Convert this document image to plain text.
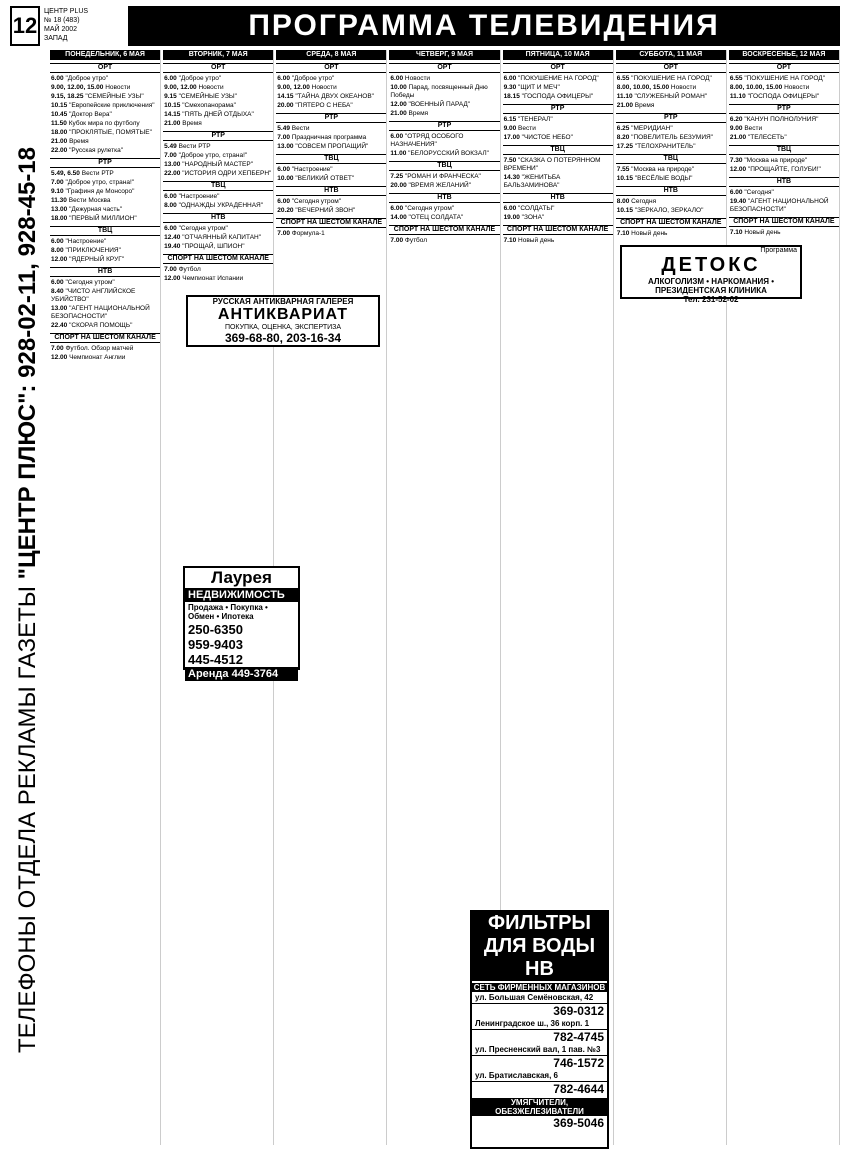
12
ЦЕНТР PLUS
№ 18 (483)
МАЙ 2002
ЗАПАД	ПРОГРАММА ТЕЛЕВИДЕНИЯ
ТЕЛЕФОНЫ ОТДЕЛА РЕКЛАМЫ ГАЗЕТЫ "ЦЕНТР ПЛЮС": 928-02-11, 928-45-18
ПОНЕДЕЛЬНИК, 6 МАЯ
ОРТ
6.00 "Доброе утро"
9.00, 12.00, 15.00 Новости
9.15, 18.25 "СЕМЕЙНЫЕ УЗЫ"
10.15 "Европейские приключения"
10.45 "Доктор Вера"
11.50 Кубок мира по футболу
18.00 "ПРОКЛЯТЫЕ, ПОМЯТЫЕ"
21.00 Время
22.00 "Русская рулетка"
РТР
5.49, 6.50 Вести РТР
7.00 "Доброе утро, страна!"
9.10 "Графиня де Монсоро"
11.30 Вести Москва
13.00 "Дежурная часть"
18.00 "ПЕРВЫЙ МИЛЛИОН"
ТВЦ
6.00 "Настроение"
8.00 "ПРИКЛЮЧЕНИЯ"
12.00 "ЯДЕРНЫЙ КРУГ"
НТВ
6.00 "Сегодня утром"
8.40 "ЧИСТО АНГЛИЙСКОЕ УБИЙСТВО"
13.00 "АГЕНТ НАЦИОНАЛЬНОЙ БЕЗОПАСНОСТИ"
22.40 "СКОРАЯ ПОМОЩЬ"
СПОРТ НА ШЕСТОМ КАНАЛЕ
7.00 Футбол. Обзор матчей
12.00 Чемпионат Англии
ВТОРНИК, 7 МАЯ
ОРТ
6.00 "Доброе утро"
9.00, 12.00 Новости
9.15 "СЕМЕЙНЫЕ УЗЫ"
10.15 "Смехопанорама"
14.15 "ПЯТЬ ДНЕЙ ОТДЫХА"
21.00 Время
РТР
5.49 Вести РТР
7.00 "Доброе утро, страна!"
13.00 "НАРОДНЫЙ МАСТЕР"
22.00 "ИСТОРИЯ ОДРИ ХЕПБЕРН"
ТВЦ
6.00 "Настроение"
8.00 "ОДНАЖДЫ УКРАДЕННАЯ"
НТВ
6.00 "Сегодня утром"
12.40 "ОТЧАЯННЫЙ КАПИТАН"
19.40 "ПРОЩАЙ, ШПИОН"
СПОРТ НА ШЕСТОМ КАНАЛЕ
7.00 Футбол
12.00 Чемпионат Испании
СРЕДА, 8 МАЯ
ОРТ
6.00 "Доброе утро"
9.00, 12.00 Новости
14.15 "ТАЙНА ДВУХ ОКЕАНОВ"
20.00 "ПЯТЕРО С НЕБА"
РТР
5.49 Вести
7.00 Праздничная программа
13.00 "СОВСЕМ ПРОПАЩИЙ"
ТВЦ
6.00 "Настроение"
10.00 "ВЕЛИКИЙ ОТВЕТ"
НТВ
6.00 "Сегодня утром"
20.20 "ВЕЧЕРНИЙ ЗВОН"
СПОРТ НА ШЕСТОМ КАНАЛЕ
7.00 Формула-1
ЧЕТВЕРГ, 9 МАЯ
ОРТ
6.00 Новости
10.00 Парад, посвященный Дню Победы
12.00 "ВОЕННЫЙ ПАРАД"
21.00 Время
РТР
6.00 "ОТРЯД ОСОБОГО НАЗНАЧЕНИЯ"
11.00 "БЕЛОРУССКИЙ ВОКЗАЛ"
ТВЦ
7.25 "РОМАН И ФРАНЧЕСКА"
20.00 "ВРЕМЯ ЖЕЛАНИЙ"
НТВ
6.00 "Сегодня утром"
14.00 "ОТЕЦ СОЛДАТА"
СПОРТ НА ШЕСТОМ КАНАЛЕ
7.00 Футбол
ПЯТНИЦА, 10 МАЯ
ОРТ
6.00 "ПОКУШЕНИЕ НА ГОРОД"
9.30 "ЩИТ И МЕЧ"
18.15 "ГОСПОДА ОФИЦЕРЫ"
РТР
6.15 "ТЕНЕРАЛ"
9.00 Вести
17.00 "ЧИСТОЕ НЕБО"
ТВЦ
7.50 "СКАЗКА О ПОТЕРЯННОМ ВРЕМЕНИ"
14.30 "ЖЕНИТЬБА БАЛЬЗАМИНОВА"
НТВ
6.00 "СОЛДАТЫ"
19.00 "ЗОНА"
СПОРТ НА ШЕСТОМ КАНАЛЕ
7.10 Новый день
СУББОТА, 11 МАЯ
ОРТ
6.55 "ПОКУШЕНИЕ НА ГОРОД"
8.00, 10.00, 15.00 Новости
11.10 "СЛУЖЕБНЫЙ РОМАН"
21.00 Время
РТР
6.25 "МЕРИДИАН"
8.20 "ПОВЕЛИТЕЛЬ БЕЗУМИЯ"
17.25 "ТЕЛОХРАНИТЕЛЬ"
ТВЦ
7.55 "Москва на природе"
10.15 "ВЕСЁЛЫЕ ВОДЫ"
НТВ
8.00 Сегодня
10.15 "ЗЕРКАЛО, ЗЕРКАЛО"
СПОРТ НА ШЕСТОМ КАНАЛЕ
7.10 Новый день
ВОСКРЕСЕНЬЕ, 12 МАЯ
ОРТ
6.55 "ПОКУШЕНИЕ НА ГОРОД"
8.00, 10.00, 15.00 Новости
11.10 "ГОСПОДА ОФИЦЕРЫ"
РТР
6.20 "КАНУН ПОЛНОЛУНИЯ"
9.00 Вести
21.00 "ТЕЛЕСЕТЬ"
ТВЦ
7.30 "Москва на природе"
12.00 "ПРОЩАЙТЕ, ГОЛУБИ!"
НТВ
6.00 "Сегодня"
19.40 "АГЕНТ НАЦИОНАЛЬНОЙ БЕЗОПАСНОСТИ"
СПОРТ НА ШЕСТОМ КАНАЛЕ
7.10 Новый день
РУССКАЯ АНТИКВАРНАЯ ГАЛЕРЕЯ
АНТИКВАРИАТ
ПОКУПКА, ОЦЕНКА, ЭКСПЕРТИЗА
369-68-80, 203-16-34
Лаурея
НЕДВИЖИМОСТЬ
Продажа • Покупка • Обмен • Ипотека
250-6350
959-9403
445-4512
Аренда 449-3764
Программа
ДЕТОКС
АЛКОГОЛИЗМ • НАРКОМАНИЯ • ПРЕЗИДЕНТСКАЯ КЛИНИКА
Тел. 231-52-02
ФИЛЬТРЫ ДЛЯ ВОДЫ НВ
СЕТЬ ФИРМЕННЫХ МАГАЗИНОВ
ул. Большая Семёновская, 42
369-0312
Ленинградское ш., 36 корп. 1
782-4745
ул. Пресненский вал, 1 пав. №3
746-1572
ул. Братиславская, 6
782-4644
УМЯГЧИТЕЛИ, ОБЕЗЖЕЛЕЗИВАТЕЛИ
369-5046
